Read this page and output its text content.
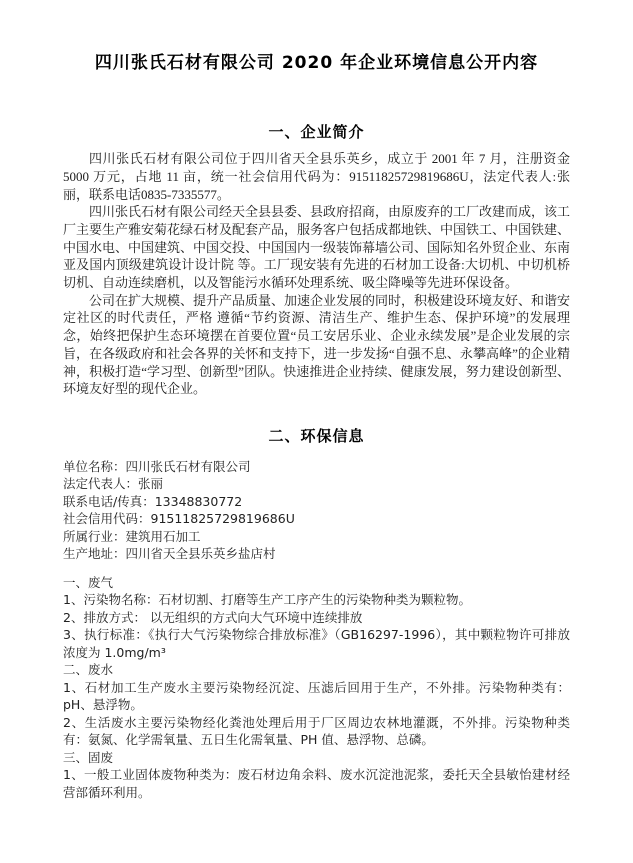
四川张氏石材有限公司 2020 年企业环境信息公开内容
一、企业简介

四川张氏石材有限公司位于四川省天全县乐英乡，成立于 2001 年 7 月，注册资金 5000 万元，占地 11 亩，统一社会信用代码为：91511825729819686U，法定代表人:张丽，联系电话0835-7335577。

四川张氏石材有限公司经天全县县委、县政府招商，由原废弃的工厂改建而成，该工厂主要生产雅安菊花绿石材及配套产品，服务客户包括成都地铁、中国铁工、中国铁建、中国水电、中国建筑、中国交投、中国国内一级装饰幕墙公司、国际知名外贸企业、东南亚及国内顶级建筑设计设计院 等。工厂现安装有先进的石材加工设备:大切机、中切机桥切机、自动连续磨机，以及智能污水循环处理系统、吸尘降噪等先进环保设备。

公司在扩大规模、提升产品质量、加速企业发展的同时，积极建设环境友好、和谐安定社区的时代责任，严格 遵循“节约资源、清洁生产、维护生态、保护环境”的发展理念，始终把保护生态环境摆在首要位置“员工安居乐业、企业永续发展”是企业发展的宗旨，在各级政府和社会各界的关怀和支持下，进一步发扬“自强不息、永攀高峰”的企业精神，积极打造“学习型、创新型”团队。快速推进企业持续、健康发展，努力建设创新型、环境友好型的现代企业。

二、环保信息

单位名称：四川张氏石材有限公司

法定代表人：张丽

联系电话/传真：13348830772

社会信用代码：91511825729819686U

所属行业：建筑用石加工

生产地址：四川省天全县乐英乡盐店村

一、废气

1、污染物名称：石材切割、打磨等生产工序产生的污染物种类为颗粒物。

2、排放方式： 以无组织的方式向大气环境中连续排放

3、执行标准：《执行大气污染物综合排放标准》（GB16297-1996），其中颗粒物许可排放浓度为 1.0mg/m³

二、废水

1、石材加工生产废水主要污染物经沉淀、压滤后回用于生产，不外排。污染物种类有：pH、悬浮物。

2、生活废水主要污染物经化粪池处理后用于厂区周边农林地灌溉，不外排。污染物种类有：氨氮、化学需氧量、五日生化需氧量、PH 值、悬浮物、总磷。

三、固废

1、一般工业固体废物种类为：废石材边角余料、废水沉淀池泥浆，委托天全县敏怡建材经营部循环利用。
